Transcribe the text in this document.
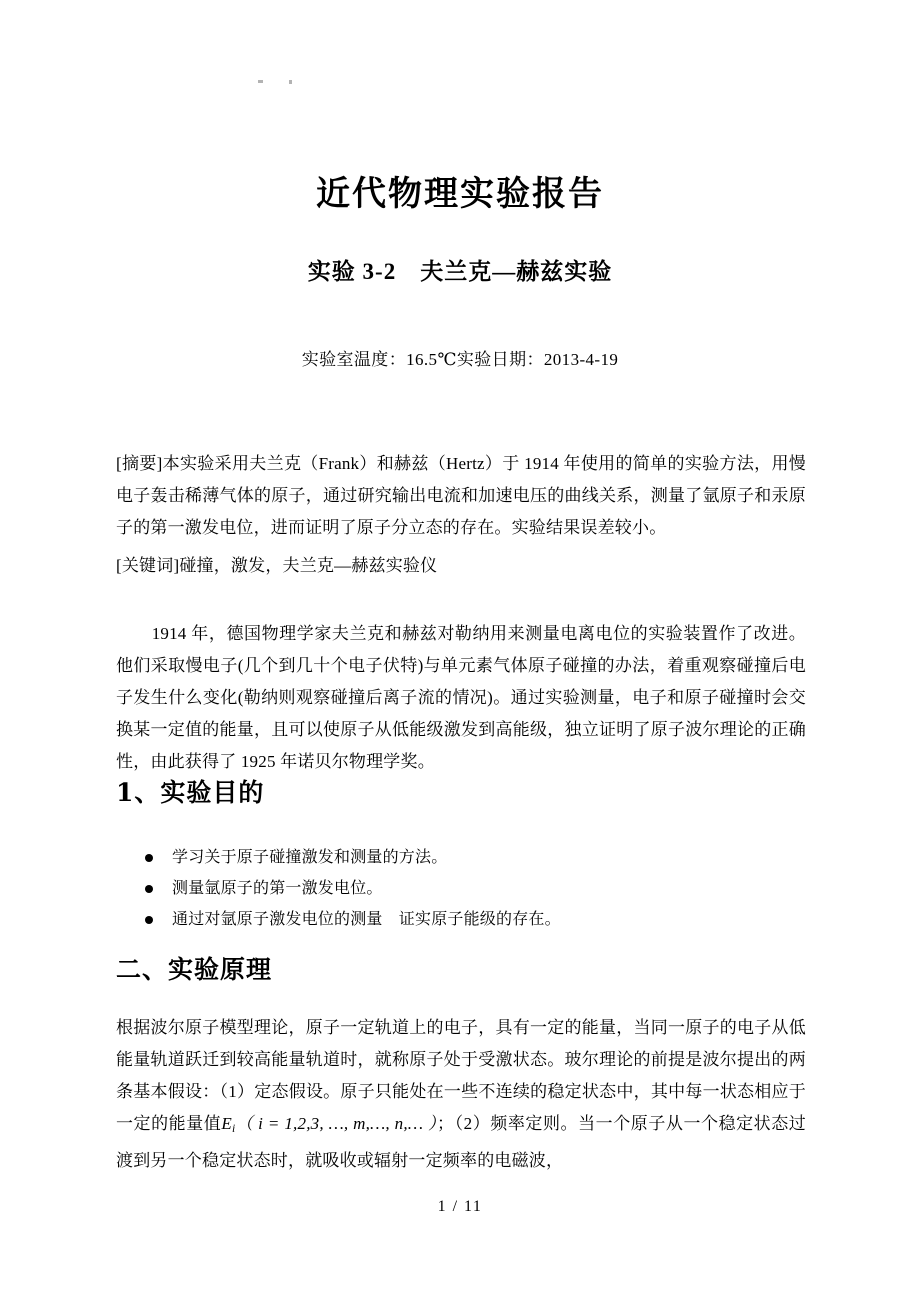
近代物理实验报告
实验 3-2　夫兰克—赫兹实验
实验室温度：16.5℃实验日期：2013-4-19

[摘要]本实验采用夫兰克（Frank）和赫兹（Hertz）于 1914 年使用的简单的实验方法，用慢电子轰击稀薄气体的原子，通过研究输出电流和加速电压的曲线关系，测量了氩原子和汞原子的第一激发电位，进而证明了原子分立态的存在。实验结果误差较小。

[关键词]碰撞，激发，夫兰克—赫兹实验仪

1914 年，德国物理学家夫兰克和赫兹对勒纳用来测量电离电位的实验装置作了改进。他们采取慢电子(几个到几十个电子伏特)与单元素气体原子碰撞的办法，着重观察碰撞后电子发生什么变化(勒纳则观察碰撞后离子流的情况)。通过实验测量，电子和原子碰撞时会交换某一定值的能量，且可以使原子从低能级激发到高能级，独立证明了原子波尔理论的正确性，由此获得了 1925 年诺贝尔物理学奖。

1、实验目的
学习关于原子碰撞激发和测量的方法。
测量氩原子的第一激发电位。
通过对氩原子激发电位的测量　证实原子能级的存在。
二、实验原理

根据波尔原子模型理论，原子一定轨道上的电子，具有一定的能量，当同一原子的电子从低能量轨道跃迁到较高能量轨道时，就称原子处于受激状态。玻尔理论的前提是波尔提出的两条基本假设：（1）定态假设。原子只能处在一些不连续的稳定状态中，其中每一状态相应于一定的能量值$E_i$（ i = 1,2,3, …, m,…, n,… ）；（2）频率定则。当一个原子从一个稳定状态过渡到另一个稳定状态时，就吸收或辐射一定频率的电磁波，

1 / 11
